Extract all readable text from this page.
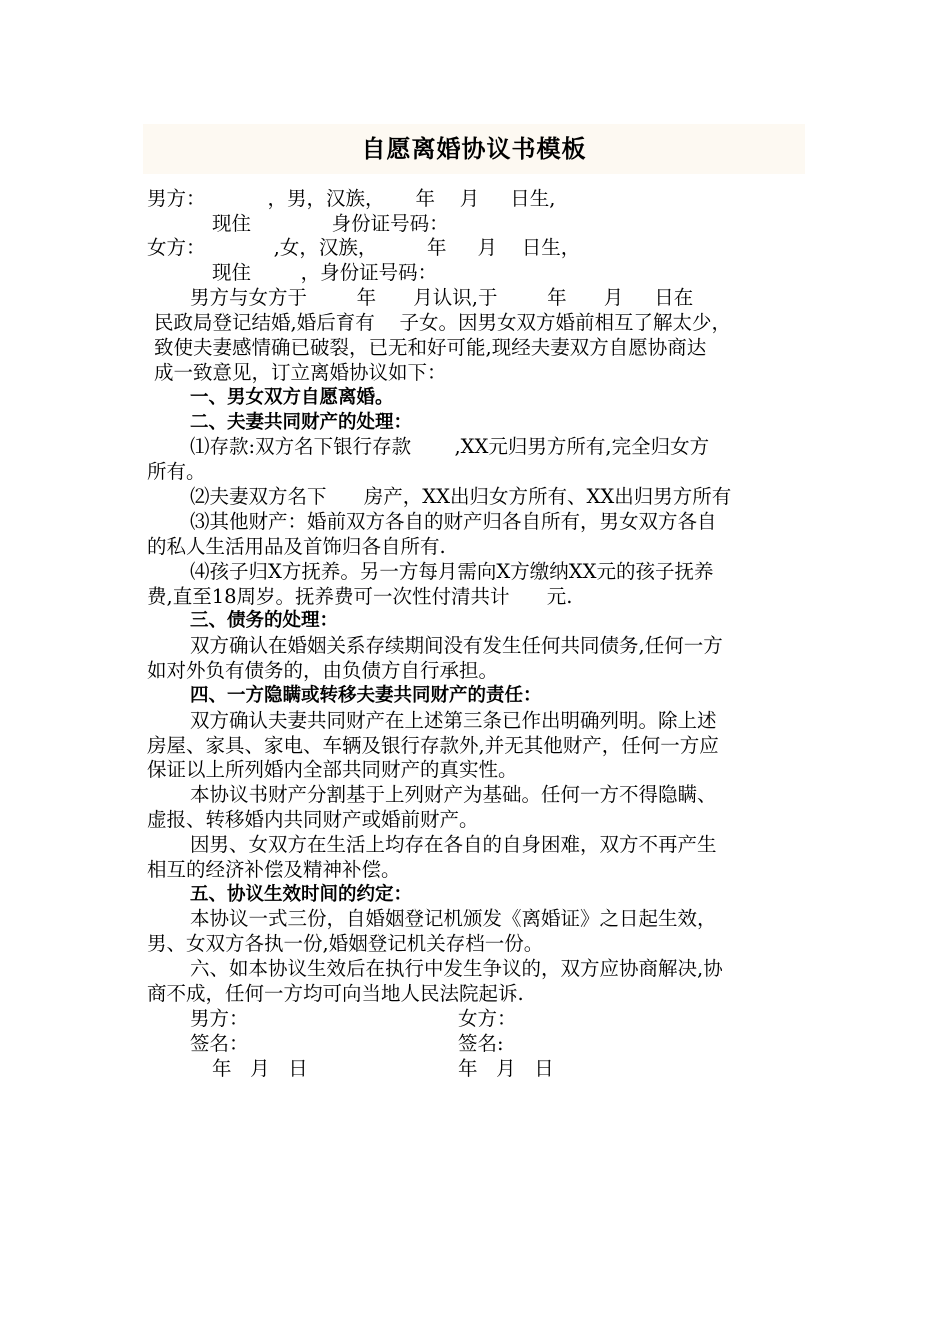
自愿离婚协议书模板
男方：          ，男，汉族，     年    月     日生,
现住             身份证号码：
女方：           ,女，汉族，        年     月    日生，
现住        ，身份证号码：
男方与女方于        年      月认识,于        年      月     日在
民政局登记结婚,婚后育有    子女。因男女双方婚前相互了解太少，
致使夫妻感情确已破裂，已无和好可能,现经夫妻双方自愿协商达
成一致意见，订立离婚协议如下：
一、男女双方自愿离婚。
二、夫妻共同财产的处理：
⑴存款:双方名下银行存款       ,XX元归男方所有,完全归女方
所有。
⑵夫妻双方名下      房产，XX出归女方所有、XX出归男方所有
⑶其他财产：婚前双方各自的财产归各自所有，男女双方各自
的私人生活用品及首饰归各自所有.
⑷孩子归X方抚养。另一方每月需向X方缴纳XX元的孩子抚养
费,直至18周岁。抚养费可一次性付清共计      元.
三、债务的处理：
双方确认在婚姻关系存续期间没有发生任何共同债务,任何一方
如对外负有债务的，由负债方自行承担。
四、一方隐瞒或转移夫妻共同财产的责任：
双方确认夫妻共同财产在上述第三条已作出明确列明。除上述
房屋、家具、家电、车辆及银行存款外,并无其他财产，任何一方应
保证以上所列婚内全部共同财产的真实性。
本协议书财产分割基于上列财产为基础。任何一方不得隐瞒、
虚报、转移婚内共同财产或婚前财产。
因男、女双方在生活上均存在各自的自身困难，双方不再产生
相互的经济补偿及精神补偿。
五、协议生效时间的约定：
本协议一式三份，自婚姻登记机颁发《离婚证》之日起生效，
男、女双方各执一份,婚姻登记机关存档一份。
六、如本协议生效后在执行中发生争议的，双方应协商解决,协
商不成，任何一方均可向当地人民法院起诉.
男方：	女方：
签名：	签名:
年   月   日	年   月   日
